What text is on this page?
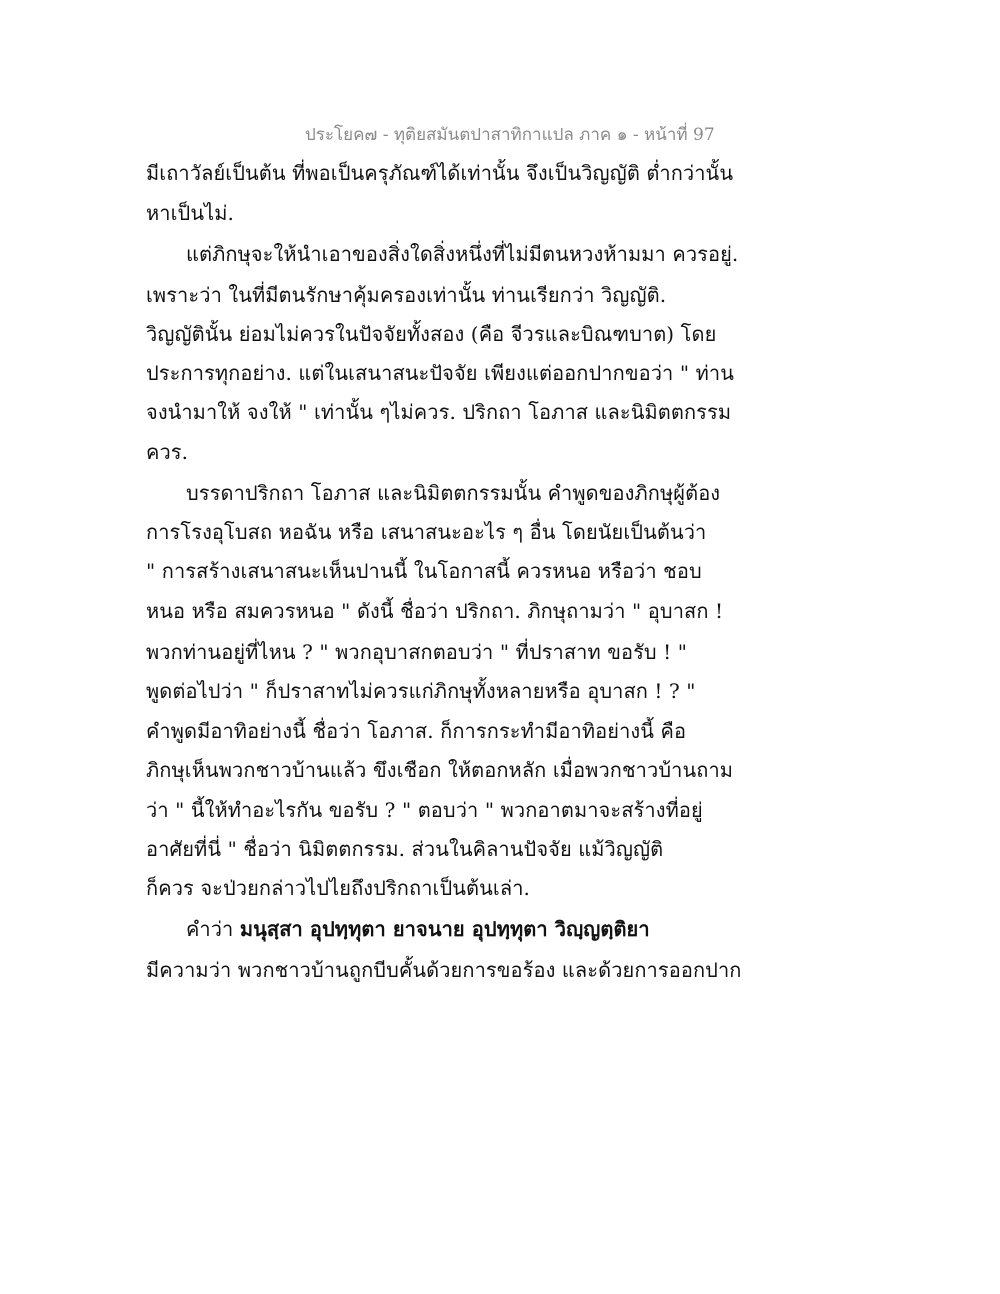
ประโยค๗ - ทุติยสมันตปาสาทิกาแปล ภาค ๑ - หน้าที่ 97
มีเถาวัลย์เป็นต้น ที่พอเป็นครุภัณฑ์ได้เท่านั้น จึงเป็นวิญญัติ ต่ำกว่านั้น
หาเป็นไม่.
แต่ภิกษุจะให้นำเอาของสิ่งใดสิ่งหนึ่งที่ไม่มีตนหวงห้ามมา ควรอยู่.
เพราะว่า ในที่มีตนรักษาคุ้มครองเท่านั้น ท่านเรียกว่า วิญญัติ.
วิญญัตินั้น ย่อมไม่ควรในปัจจัยทั้งสอง (คือ จีวรและบิณฑบาต) โดย
ประการทุกอย่าง. แต่ในเสนาสนะปัจจัย เพียงแต่ออกปากขอว่า " ท่าน
จงนำมาให้ จงให้ " เท่านั้น ๆไม่ควร. ปริกถา โอภาส และนิมิตตกรรม
ควร.
บรรดาปริกถา โอภาส และนิมิตตกรรมนั้น คำพูดของภิกษุผู้ต้อง
การโรงอุโบสถ หอฉัน หรือ เสนาสนะอะไร ๆ อื่น โดยนัยเป็นต้นว่า
" การสร้างเสนาสนะเห็นปานนี้ ในโอกาสนี้ ควรหนอ หรือว่า ชอบ
หนอ หรือ สมควรหนอ " ดังนี้ ชื่อว่า ปริกถา. ภิกษุถามว่า " อุบาสก !
พวกท่านอยู่ที่ไหน ? " พวกอุบาสกตอบว่า " ที่ปราสาท ขอรับ ! "
พูดต่อไปว่า " ก็ปราสาทไม่ควรแก่ภิกษุทั้งหลายหรือ อุบาสก ! ? "
คำพูดมีอาทิอย่างนี้ ชื่อว่า โอภาส. ก็การกระทำมีอาทิอย่างนี้ คือ
ภิกษุเห็นพวกชาวบ้านแล้ว ขึงเชือก ให้ตอกหลัก เมื่อพวกชาวบ้านถาม
ว่า " นี้ให้ทำอะไรกัน ขอรับ ? " ตอบว่า " พวกอาตมาจะสร้างที่อยู่
อาศัยที่นี่ " ชื่อว่า นิมิตตกรรม. ส่วนในคิลานปัจจัย แม้วิญญัติ
ก็ควร จะป่วยกล่าวไปไยถึงปริกถาเป็นต้นเล่า.
คำว่า มนุสฺสา อุปทฺทุตา ยาจนาย อุปทฺทุตา วิญฺญตฺติยา
มีความว่า พวกชาวบ้านถูกบีบคั้นด้วยการขอร้อง และด้วยการออกปาก
